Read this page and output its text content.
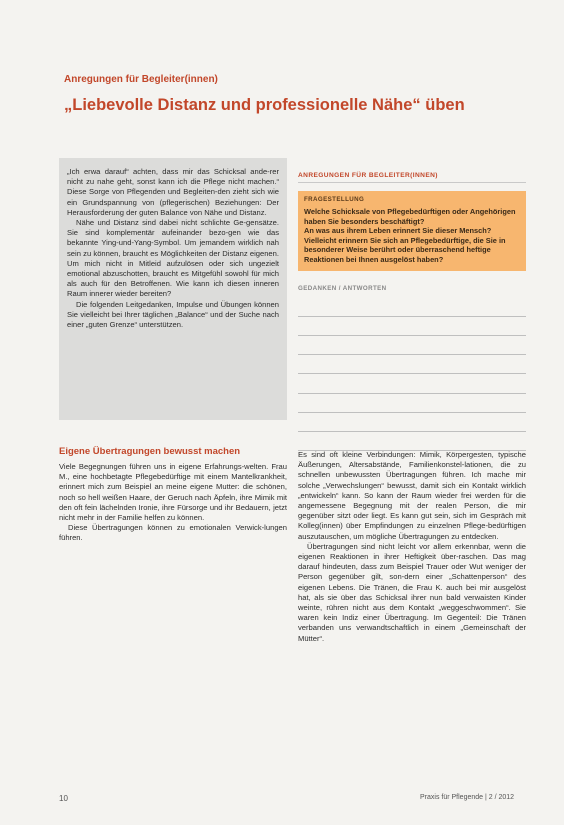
Anregungen für Begleiter(innen)
„Liebevolle Distanz und professionelle Nähe“ üben

„Ich erwa darauf“ achten, dass mir das Schicksal ande-rer nicht zu nahe geht, sonst kann ich die Pflege nicht machen.“ Diese Sorge von Pflegenden und Begleiten-den zieht sich wie ein Grundspannung von (pflegerischen) Beziehungen: Der Herausforderung der guten Balance von Nähe und Distanz.

Nähe und Distanz sind dabei nicht schlichte Ge-gensätze. Sie sind komplementär aufeinander bezo-gen wie das bekannte Ying-und-Yang-Symbol. Um jemandem wirklich nah sein zu können, braucht es Möglichkeiten der Distanz eigenen. Um mich nicht in Mitleid aufzulösen oder sich ungezielt emotional abzuschotten, braucht es Mitgefühl sowohl für mich als auch für den Betroffenen. Wie kann ich diesen inneren Raum innerer wieder bereiten?

Die folgenden Leitgedanken, Impulse und Übungen können Sie vielleicht bei Ihrer täglichen „Balance“ und der Suche nach einer „guten Grenze“ unterstützen.

ANREGUNGEN FÜR BEGLEITER(INNEN)
FRAGESTELLUNG
Welche Schicksale von Pflegebedürftigen oder Angehörigen haben Sie besonders beschäftigt?
An was aus ihrem Leben erinnert Sie dieser Mensch?
Vielleicht erinnern Sie sich an Pflegebedürftige, die Sie in besonderer Weise berührt oder überraschend heftige Reaktionen bei Ihnen ausgelöst haben?
GEDANKEN / ANTWORTEN
Eigene Übertragungen bewusst machen

Viele Begegnungen führen uns in eigene Erfahrungs-welten. Frau M., eine hochbetagte Pflegebedürftige mit einem Mantelkrankheit, erinnert mich zum Beispiel an meine eigene Mutter: die schönen, noch so hell weißen Haare, der Geruch nach Äpfeln, ihre Mimik mit den oft fein lächelnden Ironie, ihre Fürsorge und ihr Bedauern, jetzt nicht mehr in der Familie helfen zu können.

Diese Übertragungen können zu emotionalen Verwick-lungen führen.

Es sind oft kleine Verbindungen: Mimik, Körpergesten, typische Äußerungen, Altersabstände, Familienkonstel-lationen, die zu schnellen unbewussten Übertragungen führen. Ich mache mir solche „Verwechslungen“ bewusst, damit sich ein Kontakt wirklich „entwickeln“ kann. So kann der Raum wieder frei werden für die angemessene Begegnung mit der realen Person, die mir gegenüber sitzt oder liegt. Es kann gut sein, sich im Gespräch mit Kolleg(innen) über Empfindungen zu einzelnen Pflege-bedürftigen auszutauschen, um mögliche Übertragungen zu entdecken.

Übertragungen sind nicht leicht vor allem erkennbar, wenn die eigenen Reaktionen in ihrer Heftigkeit über-raschen. Das mag darauf hindeuten, dass zum Beispiel Trauer oder Wut weniger der Person gegenüber gilt, son-dern einer „Schattenperson“ des eigenen Lebens. Die Tränen, die Frau K. auch bei mir ausgelöst hat, als sie über das Schicksal ihrer nun bald verwaisten Kinder weinte, rühren nicht aus dem Kontakt „weggeschwommen“. Sie waren kein Indiz einer Übertragung. Im Gegenteil: Die Tränen verbanden uns verwandtschaftlich in einem „Gemeinschaft der Mütter“.

10	Praxis für Pflegende | 2 / 2012
